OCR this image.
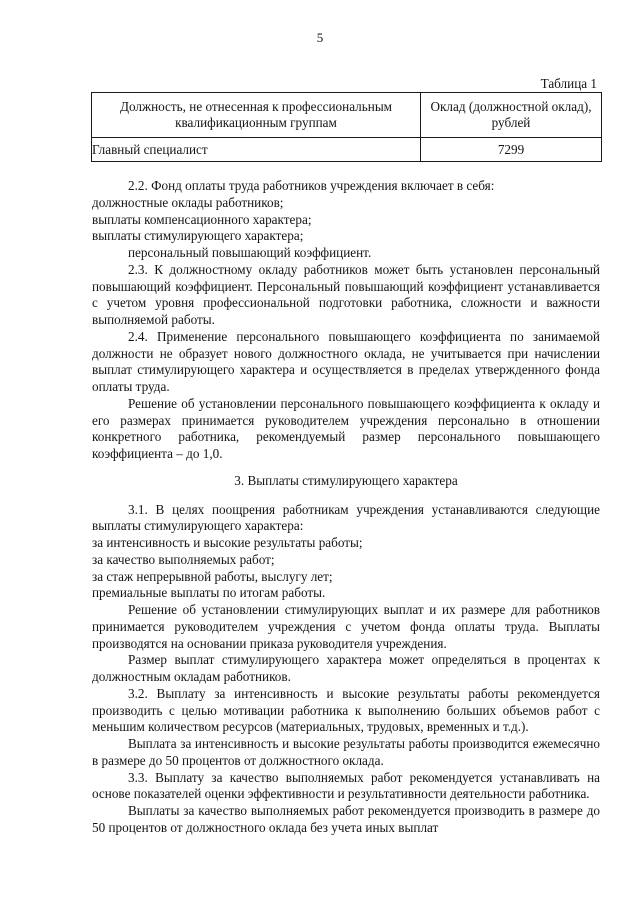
5
Таблица 1
Должность, не отнесенная к профессиональным квалификационным группам	Оклад (должностной оклад), рублей
Главный специалист	7299

2.2. Фонд оплаты труда работников учреждения включает в себя:

должностные оклады работников;

выплаты компенсационного характера;

выплаты стимулирующего характера;

персональный повышающий коэффициент.

2.3. К должностному окладу работников может быть установлен персональный повышающий коэффициент. Персональный повышающий коэффициент устанавливается с учетом уровня профессиональной подготовки работника, сложности и важности выполняемой работы.

2.4. Применение персонального повышающего коэффициента по занимаемой должности не образует нового должностного оклада, не учитывается при начислении выплат стимулирующего характера и осуществляется в пределах утвержденного фонда оплаты труда.

Решение об установлении персонального повышающего коэффициента к окладу и его размерах принимается руководителем учреждения персонально в отношении конкретного работника, рекомендуемый размер персонального повышающего коэффициента – до 1,0.

3. Выплаты стимулирующего характера

3.1. В целях поощрения работникам учреждения устанавливаются следующие выплаты стимулирующего характера:

за интенсивность и высокие результаты работы;

за качество выполняемых работ;

за стаж непрерывной работы, выслугу лет;

премиальные выплаты по итогам работы.

Решение об установлении стимулирующих выплат и их размере для работников принимается руководителем учреждения с учетом фонда оплаты труда. Выплаты производятся на основании приказа руководителя учреждения.

Размер выплат стимулирующего характера может определяться в процентах к должностным окладам работников.

3.2. Выплату за интенсивность и высокие результаты работы рекомендуется производить с целью мотивации работника к выполнению больших объемов работ с меньшим количеством ресурсов (материальных, трудовых, временных и т.д.).

Выплата за интенсивность и высокие результаты работы производится ежемесячно в размере до 50 процентов от должностного оклада.

3.3. Выплату за качество выполняемых работ рекомендуется устанавливать на основе показателей оценки эффективности и результативности деятельности работника.

Выплаты за качество выполняемых работ рекомендуется производить в размере до 50 процентов от должностного оклада без учета иных выплат
